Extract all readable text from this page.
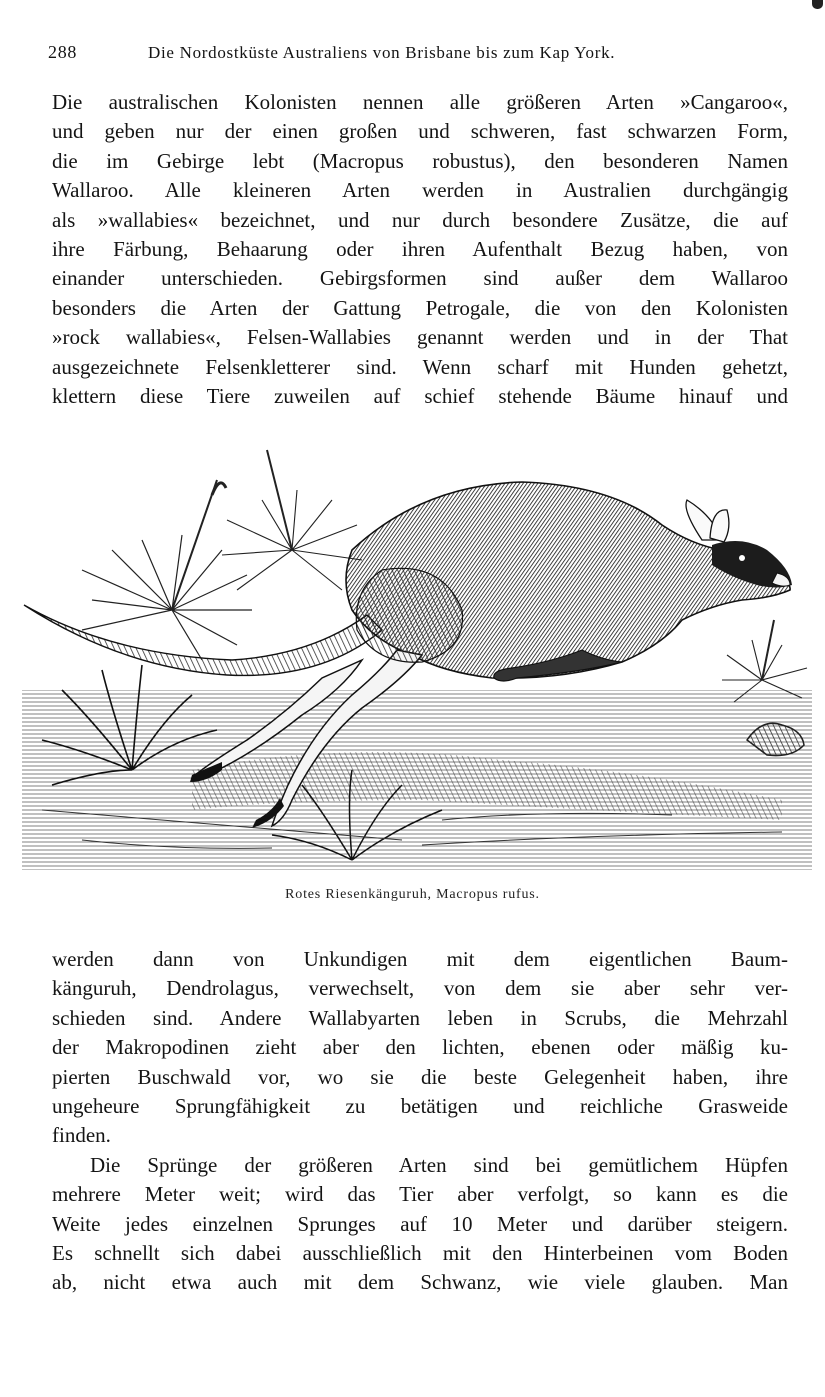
288	Die Nordostküste Australiens von Brisbane bis zum Kap York.
Die australischen Kolonisten nennen alle größeren Arten »Cangaroo«,
und geben nur der einen großen und schweren, fast schwarzen Form,
die im Gebirge lebt (Macropus robustus), den besonderen Namen
Wallaroo. Alle kleineren Arten werden in Australien durchgängig
als »wallabies« bezeichnet, und nur durch besondere Zusätze, die auf
ihre Färbung, Behaarung oder ihren Aufenthalt Bezug haben, von
einander unterschieden. Gebirgsformen sind außer dem Wallaroo
besonders die Arten der Gattung Petrogale, die von den Kolonisten
»rock wallabies«, Felsen-Wallabies genannt werden und in der That
ausgezeichnete Felsenkletterer sind. Wenn scharf mit Hunden gehetzt,
klettern diese Tiere zuweilen auf schief stehende Bäume hinauf und
Rotes Riesenkänguruh, Macropus rufus.
werden dann von Unkundigen mit dem eigentlichen Baum-
känguruh, Dendrolagus, verwechselt, von dem sie aber sehr ver-
schieden sind. Andere Wallabyarten leben in Scrubs, die Mehrzahl
der Makropodinen zieht aber den lichten, ebenen oder mäßig ku-
pierten Buschwald vor, wo sie die beste Gelegenheit haben, ihre
ungeheure Sprungfähigkeit zu betätigen und reichliche Grasweide
finden.
Die Sprünge der größeren Arten sind bei gemütlichem Hüpfen
mehrere Meter weit; wird das Tier aber verfolgt, so kann es die
Weite jedes einzelnen Sprunges auf 10 Meter und darüber steigern.
Es schnellt sich dabei ausschließlich mit den Hinterbeinen vom Boden
ab, nicht etwa auch mit dem Schwanz, wie viele glauben. Man
